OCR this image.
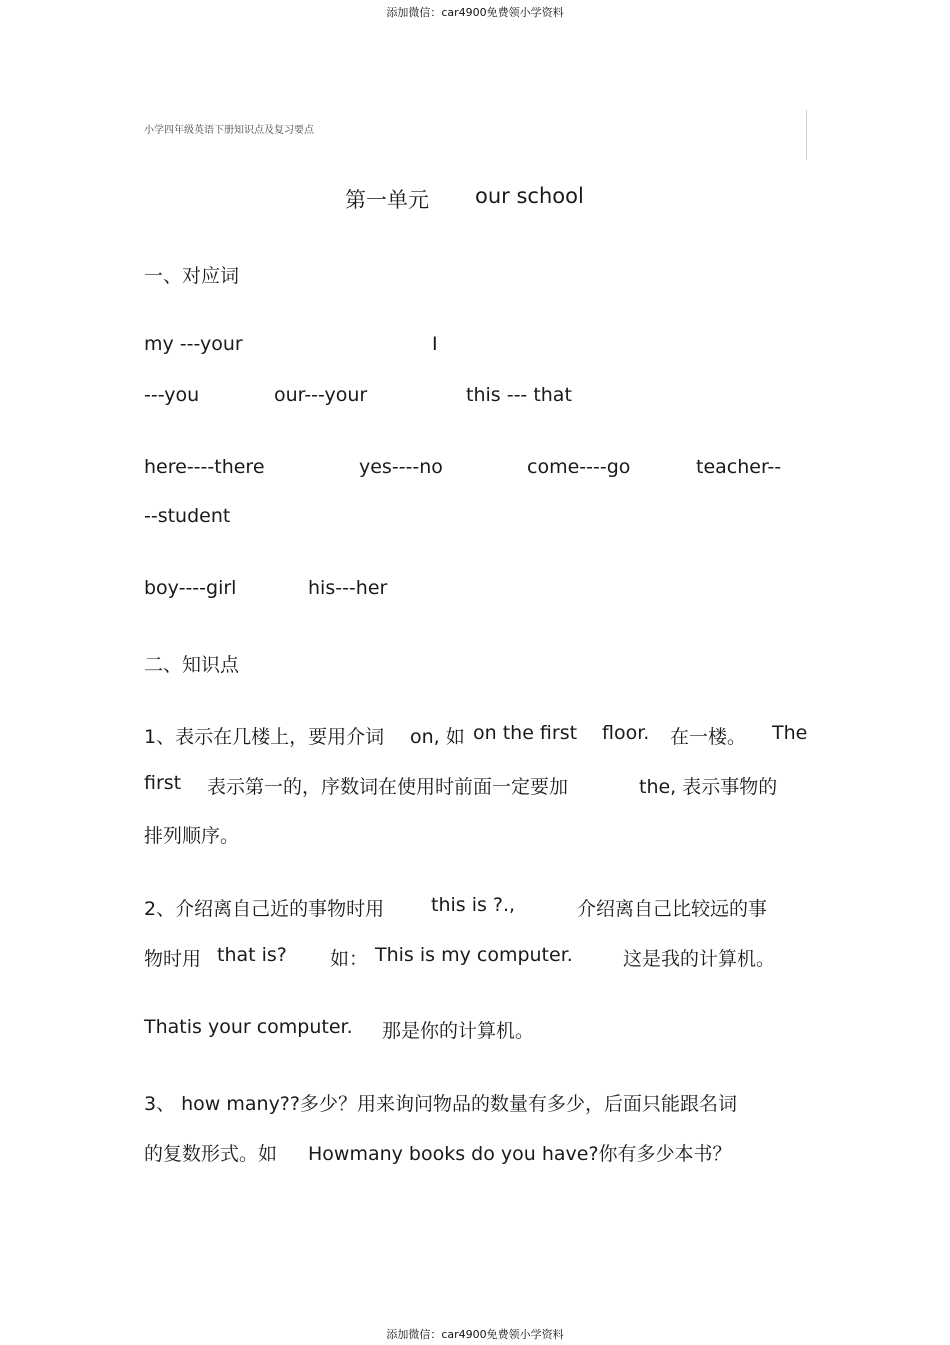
添加微信：car4900免费领小学资料
添加微信：car4900免费领小学资料
小学四年级英语下册知识点及复习要点
第一单元 our school
一、对应词
my ---your	I
---you	our---your	this --- that
here----there	yes----no	come----go	teacher--
--student
boy----girl	his---her
二、知识点
1、表示在几楼上，要用介词 on, 如 on the first floor. 在一楼。 The
first 表示第一的，序数词在使用时前面一定要加	the, 表示事物的
排列顺序。
2、介绍离自己近的事物时用 this is ?.,	介绍离自己比较远的事
物时用 that is? 如： This is my computer.	这是我的计算机。
Thatis your computer. 那是你的计算机。
3、 how many??多少？用来询问物品的数量有多少，后面只能跟名词
的复数形式。如 Howmany books do you have?你有多少本书？
